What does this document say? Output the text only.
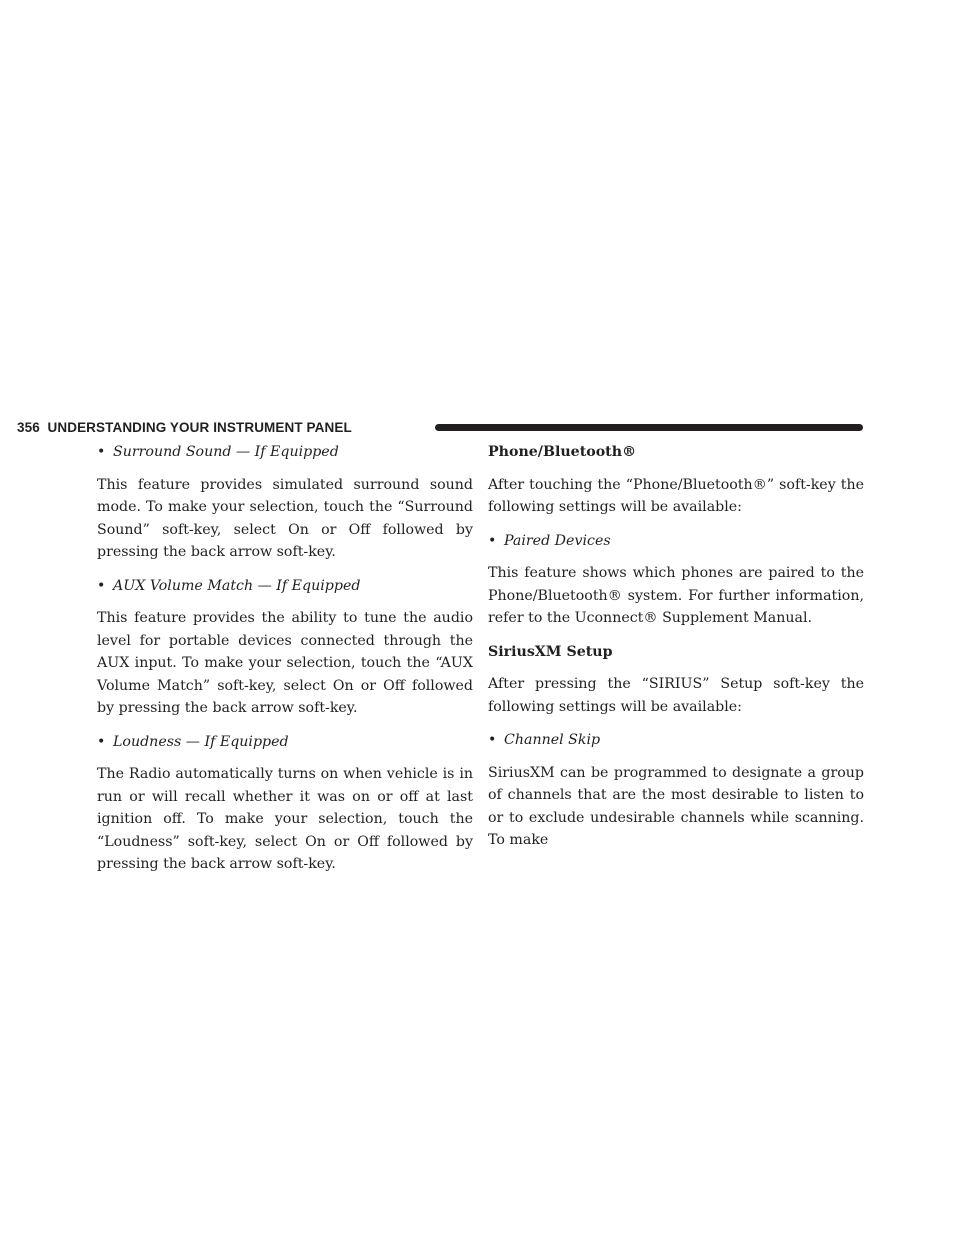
356 UNDERSTANDING YOUR INSTRUMENT PANEL
• Surround Sound — If Equipped

This feature provides simulated surround sound mode. To make your selection, touch the “Surround Sound” soft-key, select On or Off followed by pressing the back arrow soft-key.

• AUX Volume Match — If Equipped

This feature provides the ability to tune the audio level for portable devices connected through the AUX input. To make your selection, touch the “AUX Volume Match” soft-key, select On or Off followed by pressing the back arrow soft-key.

• Loudness — If Equipped

The Radio automatically turns on when vehicle is in run or will recall whether it was on or off at last ignition off. To make your selection, touch the “Loudness” soft-key, select On or Off followed by pressing the back arrow soft-key.

Phone/Bluetooth®

After touching the “Phone/Bluetooth®” soft-key the following settings will be available:

• Paired Devices

This feature shows which phones are paired to the Phone/Bluetooth® system. For further information, refer to the Uconnect® Supplement Manual.

SiriusXM Setup

After pressing the “SIRIUS” Setup soft-key the following settings will be available:

• Channel Skip

SiriusXM can be programmed to designate a group of channels that are the most desirable to listen to or to exclude undesirable channels while scanning. To make
